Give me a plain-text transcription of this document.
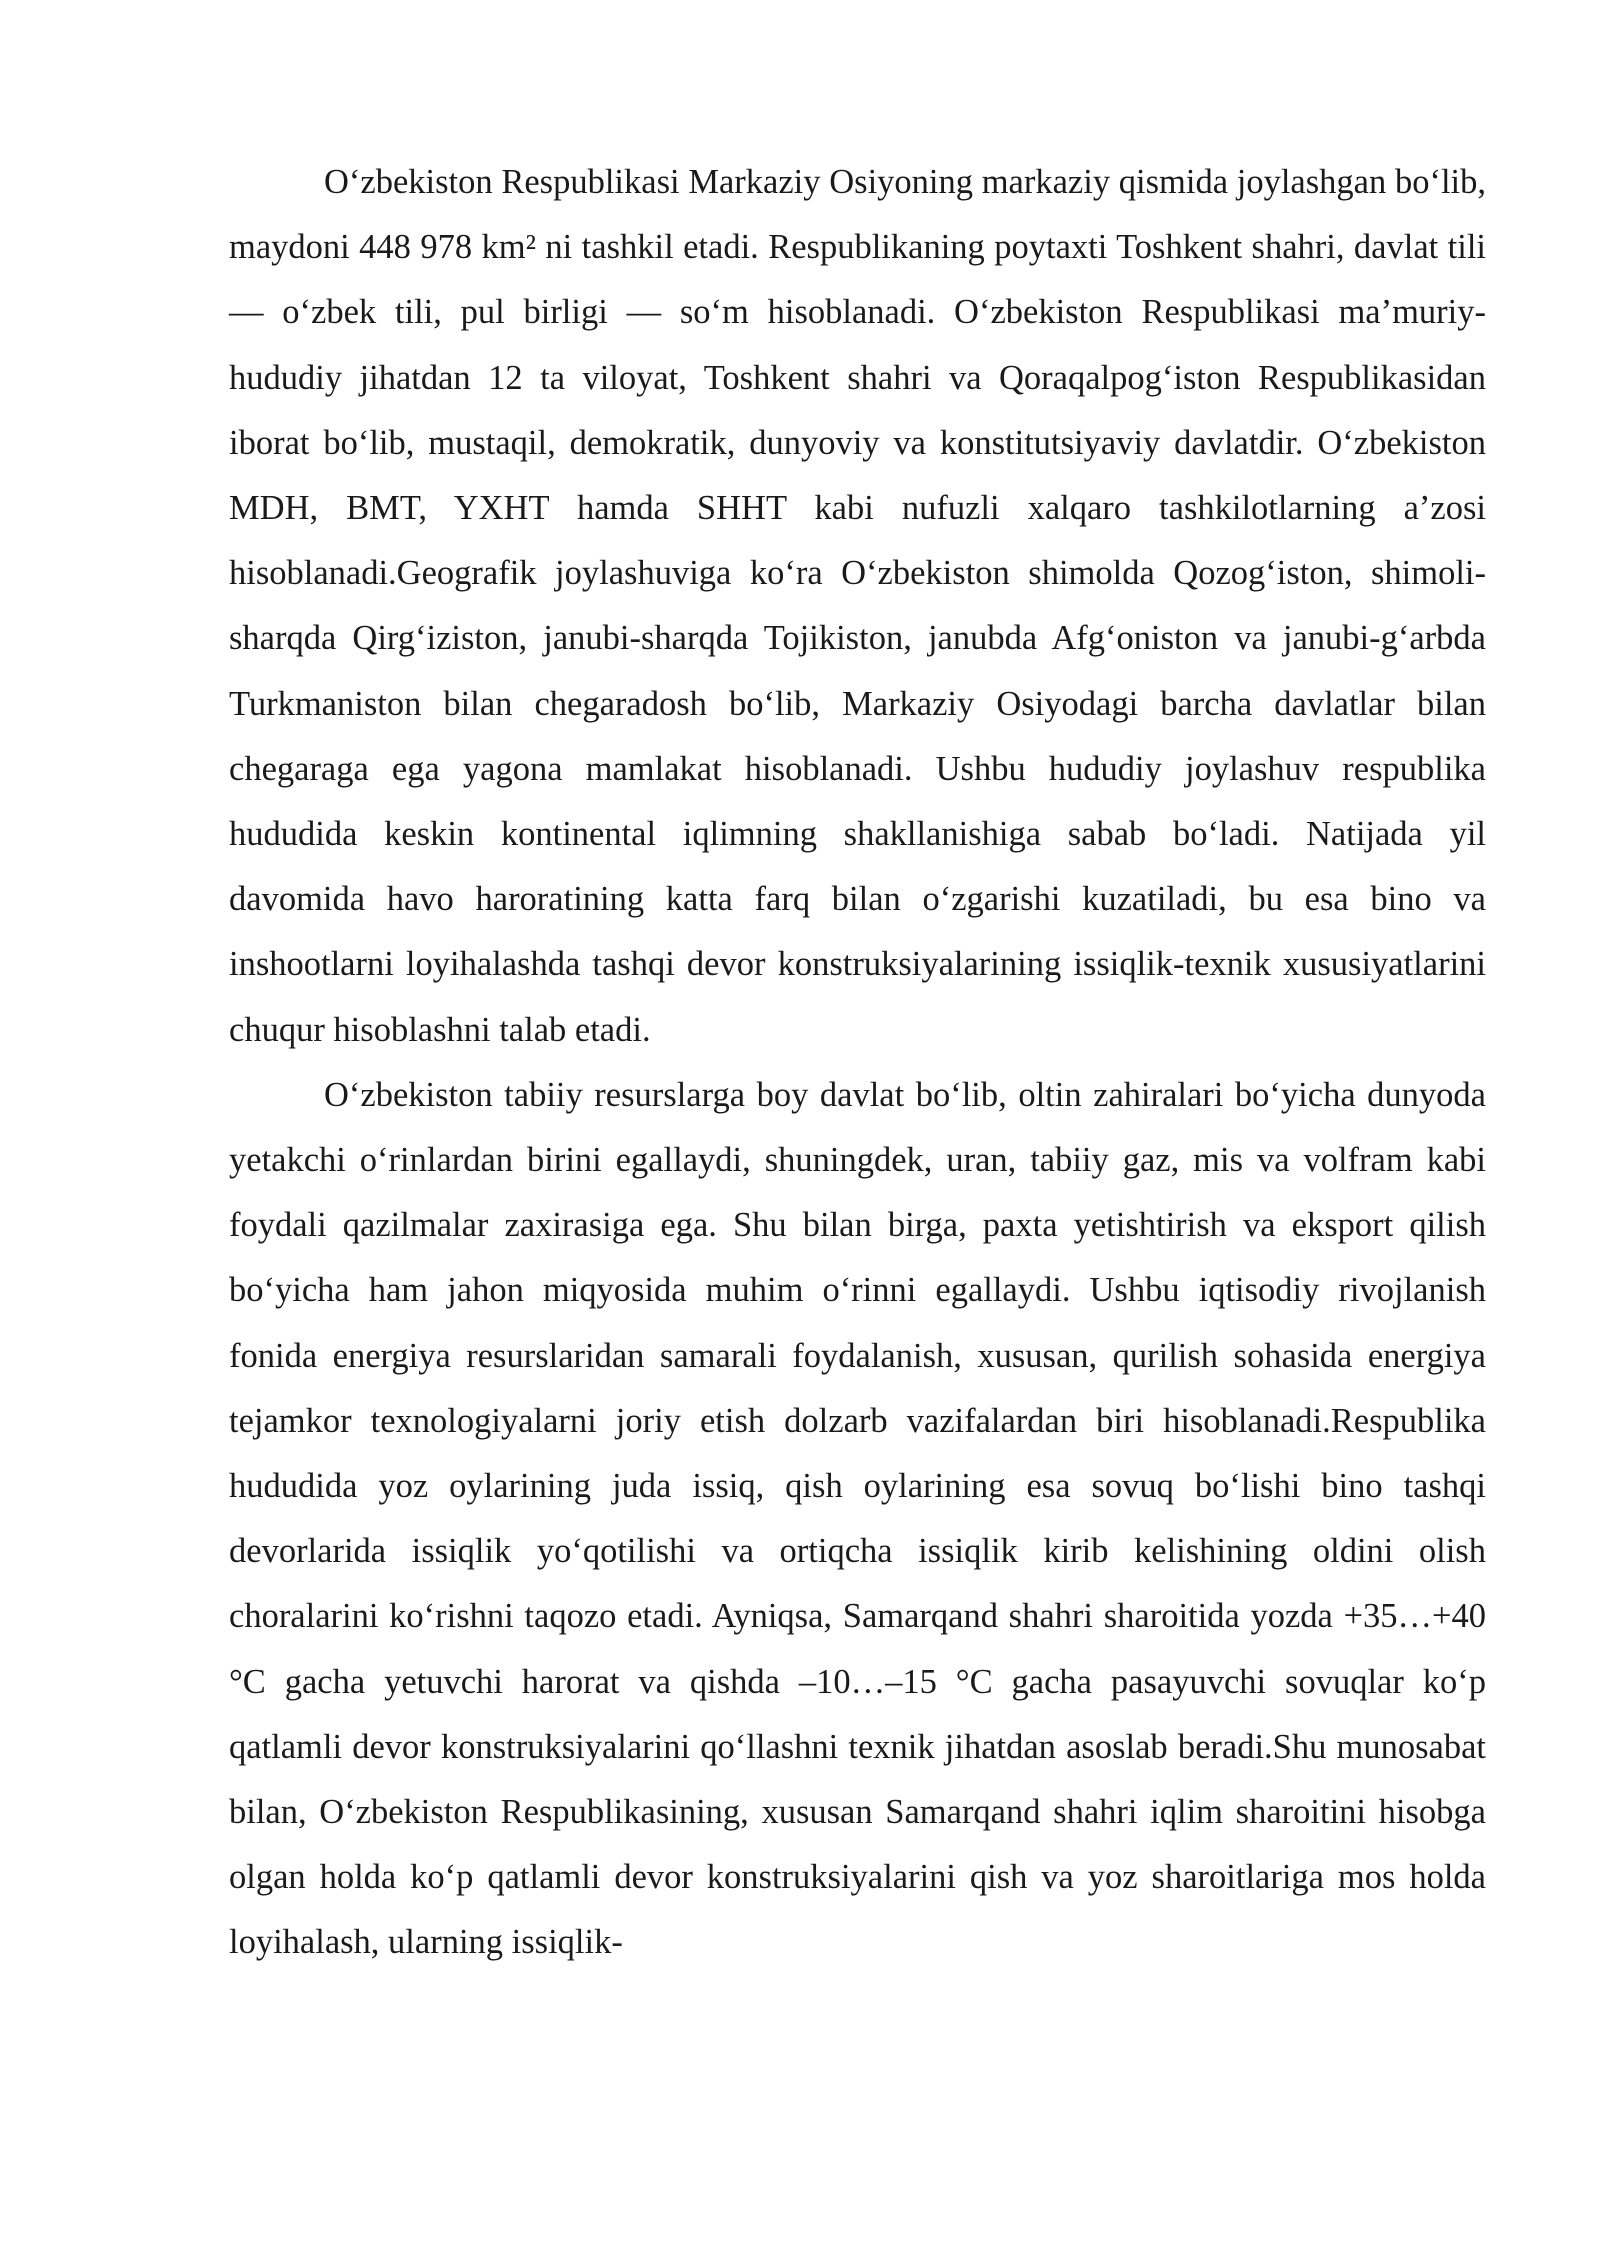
O‘zbekiston Respublikasi Markaziy Osiyoning markaziy qismida joylashgan bo‘lib, maydoni 448 978 km² ni tashkil etadi. Respublikaning poytaxti Toshkent shahri, davlat tili — o‘zbek tili, pul birligi — so‘m hisoblanadi. O‘zbekiston Respublikasi ma’muriy-hududiy jihatdan 12 ta viloyat, Toshkent shahri va Qoraqalpog‘iston Respublikasidan iborat bo‘lib, mustaqil, demokratik, dunyoviy va konstitutsiyaviy davlatdir. O‘zbekiston MDH, BMT, YXHT hamda SHHT kabi nufuzli xalqaro tashkilotlarning a’zosi hisoblanadi.Geografik joylashuviga ko‘ra O‘zbekiston shimolda Qozog‘iston, shimoli-sharqda Qirg‘iziston, janubi-sharqda Tojikiston, janubda Afg‘oniston va janubi-g‘arbda Turkmaniston bilan chegaradosh bo‘lib, Markaziy Osiyodagi barcha davlatlar bilan chegaraga ega yagona mamlakat hisoblanadi. Ushbu hududiy joylashuv respublika hududida keskin kontinental iqlimning shakllanishiga sabab bo‘ladi. Natijada yil davomida havo haroratining katta farq bilan o‘zgarishi kuzatiladi, bu esa bino va inshootlarni loyihalashda tashqi devor konstruksiyalarining issiqlik-texnik xususiyatlarini chuqur hisoblashni talab etadi.

O‘zbekiston tabiiy resurslarga boy davlat bo‘lib, oltin zahiralari bo‘yicha dunyoda yetakchi o‘rinlardan birini egallaydi, shuningdek, uran, tabiiy gaz, mis va volfram kabi foydali qazilmalar zaxirasiga ega. Shu bilan birga, paxta yetishtirish va eksport qilish bo‘yicha ham jahon miqyosida muhim o‘rinni egallaydi. Ushbu iqtisodiy rivojlanish fonida energiya resurslaridan samarali foydalanish, xususan, qurilish sohasida energiya tejamkor texnologiyalarni joriy etish dolzarb vazifalardan biri hisoblanadi.Respublika hududida yoz oylarining juda issiq, qish oylarining esa sovuq bo‘lishi bino tashqi devorlarida issiqlik yo‘qotilishi va ortiqcha issiqlik kirib kelishining oldini olish choralarini ko‘rishni taqozo etadi. Ayniqsa, Samarqand shahri sharoitida yozda +35…+40 °C gacha yetuvchi harorat va qishda –10…–15 °C gacha pasayuvchi sovuqlar ko‘p qatlamli devor konstruksiyalarini qo‘llashni texnik jihatdan asoslab beradi.Shu munosabat bilan, O‘zbekiston Respublikasining, xususan Samarqand shahri iqlim sharoitini hisobga olgan holda ko‘p qatlamli devor konstruksiyalarini qish va yoz sharoitlariga mos holda loyihalash, ularning issiqlik-
